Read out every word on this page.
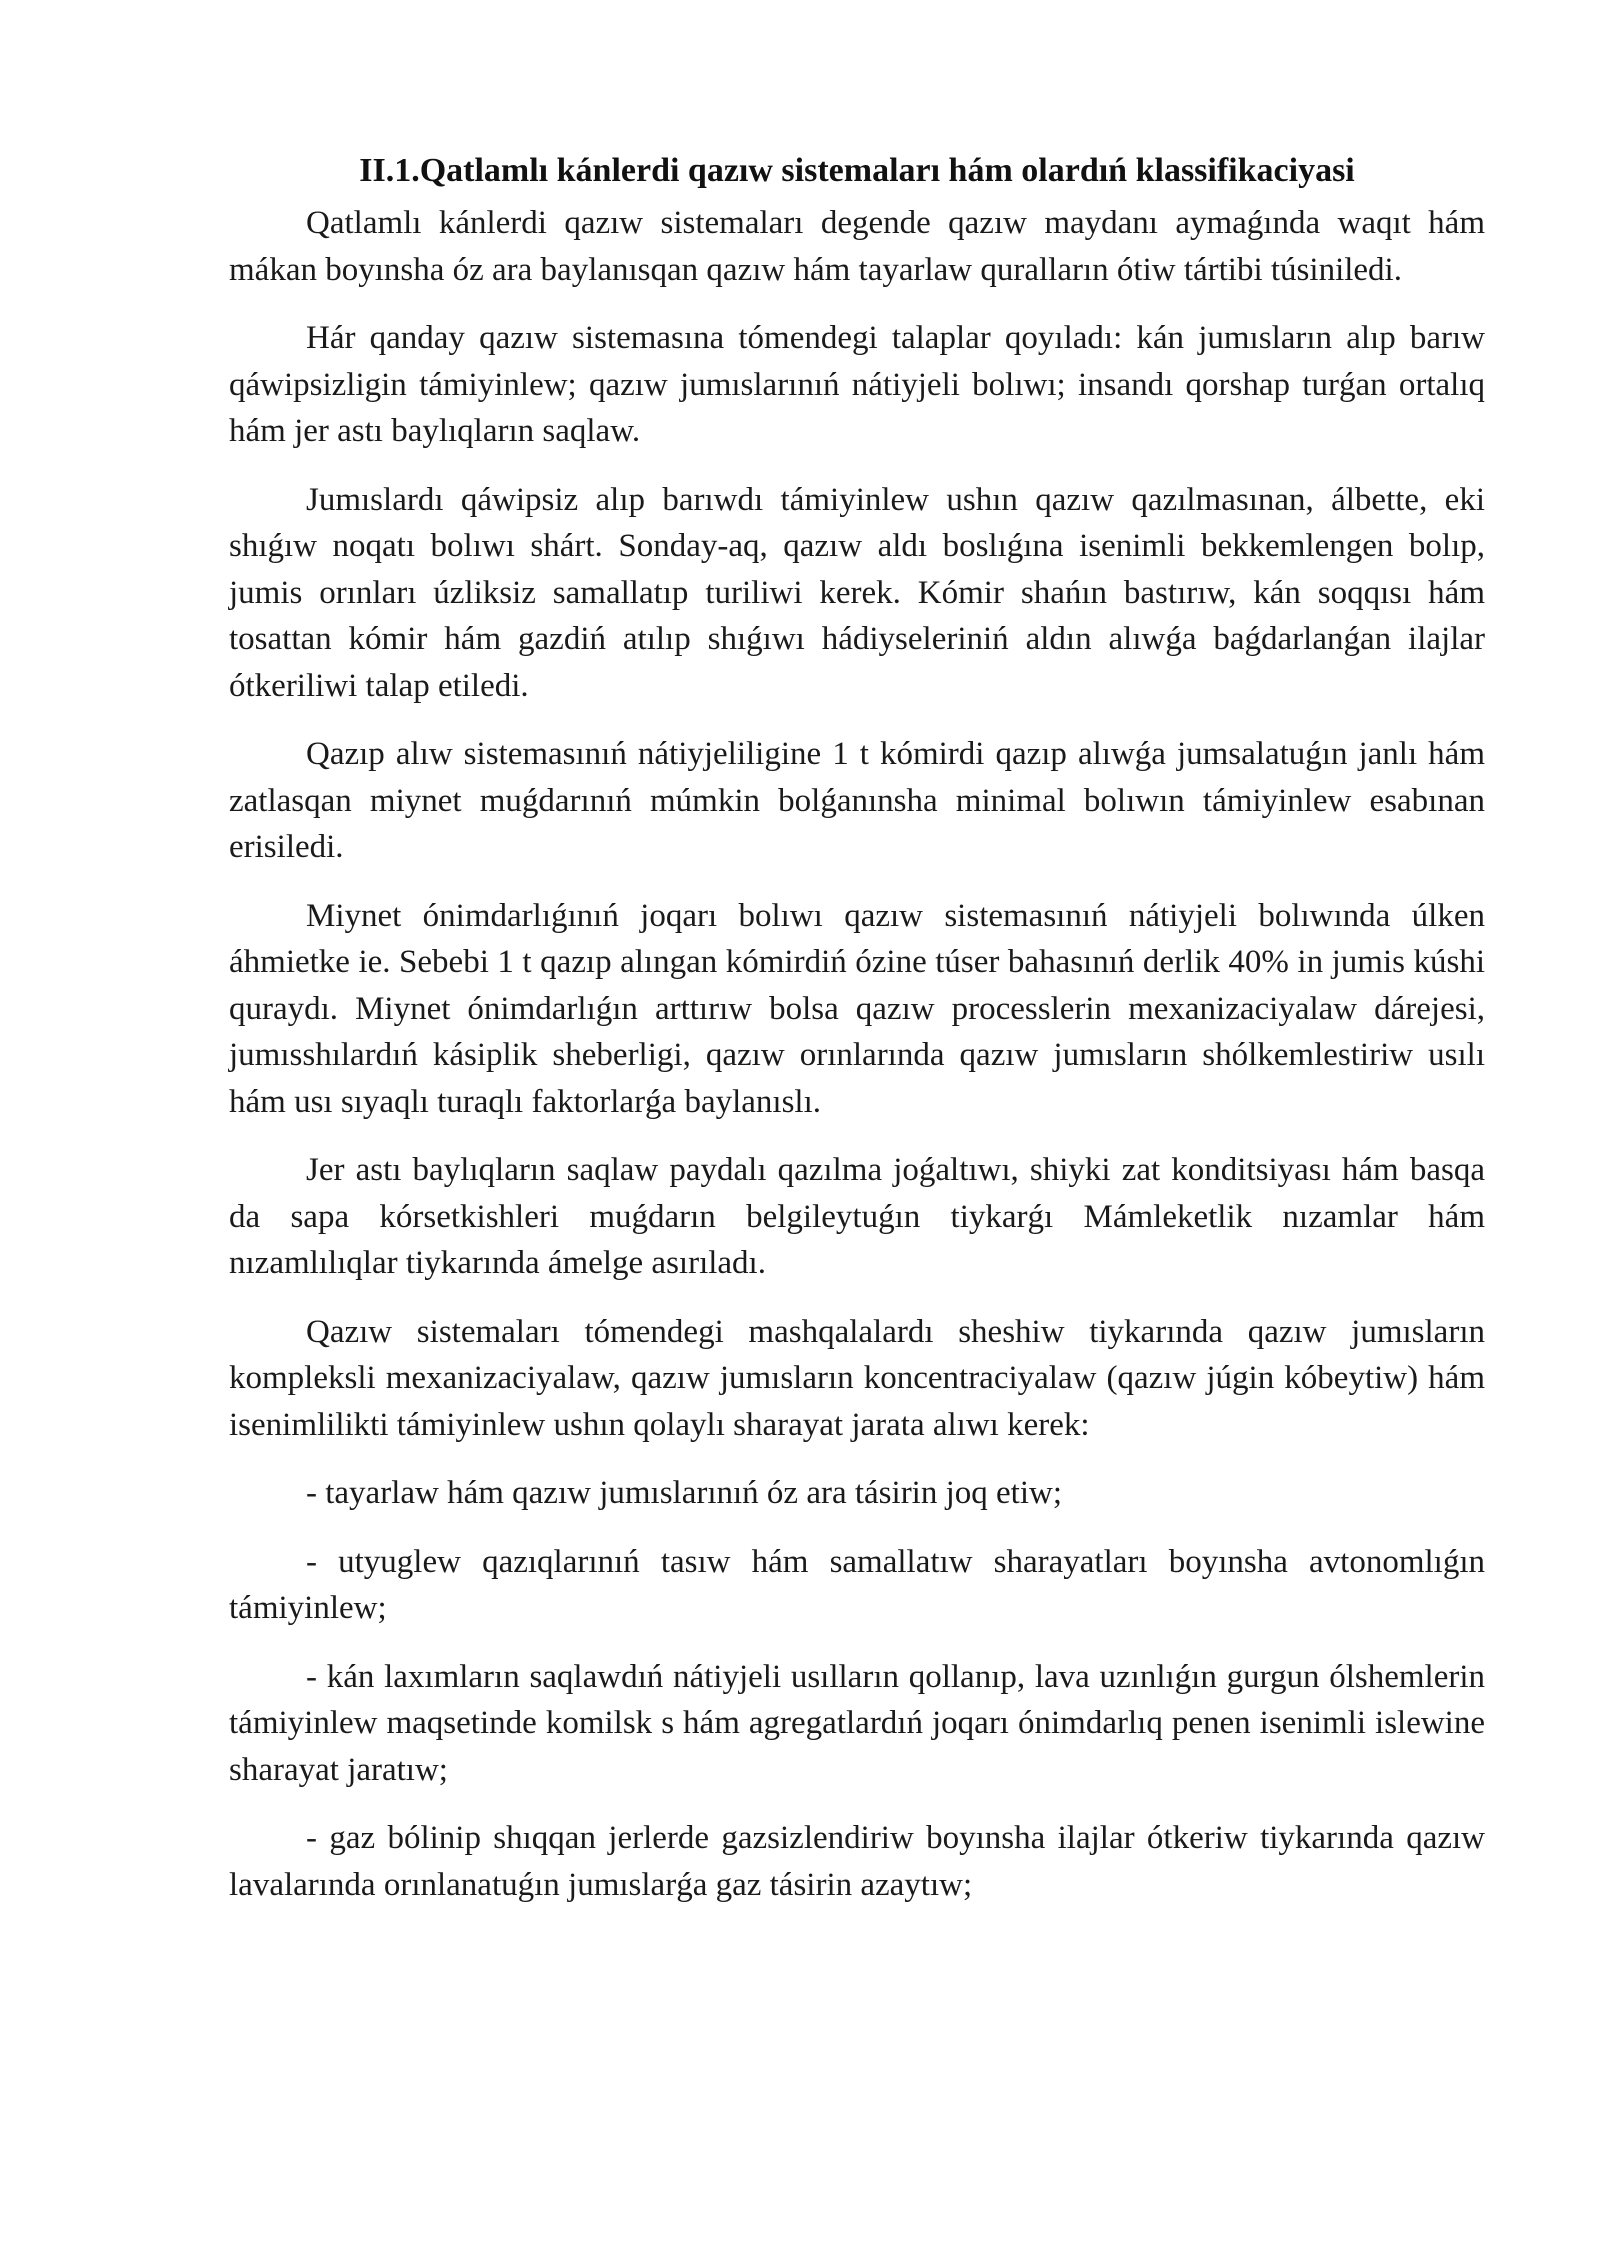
II.1.Qatlamlı kánlerdi qazıw sistemaları hám olardıń klassifikaciyasi

Qatlamlı kánlerdi qazıw sistemaları degende qazıw maydanı aymaǵında waqıt hám mákan boyınsha óz ara baylanısqan qazıw hám tayarlaw quralların ótiw tártibi túsiniledi.

Hár qanday qazıw sistemasına tómendegi talaplar qoyıladı: kán jumısların alıp barıw qáwipsizligin támiyinlew; qazıw jumıslarınıń nátiyjeli bolıwı; insandı qorshap turǵan ortalıq hám jer astı baylıqların saqlaw.

Jumıslardı qáwipsiz alıp barıwdı támiyinlew ushın qazıw qazılmasınan, álbette, eki shıǵıw noqatı bolıwı shárt. Sonday-aq, qazıw aldı boslıǵına isenimli bekkemlengen bolıp, jumis orınları úzliksiz samallatıp turiliwi kerek. Kómir shańın bastırıw, kán soqqısı hám tosattan kómir hám gazdiń atılıp shıǵıwı hádiyseleriniń aldın alıwǵa baǵdarlanǵan ilajlar ótkeriliwi talap etiledi.

Qazıp alıw sistemasınıń nátiyjeliligine 1 t kómirdi qazıp alıwǵa jumsalatuǵın janlı hám zatlasqan miynet muǵdarınıń múmkin bolǵanınsha minimal bolıwın támiyinlew esabınan erisiledi.

Miynet ónimdarlıǵınıń joqarı bolıwı qazıw sistemasınıń nátiyjeli bolıwında úlken áhmietke ie. Sebebi 1 t qazıp alıngan kómirdiń ózine túser bahasınıń derlik 40% in jumis kúshi quraydı. Miynet ónimdarlıǵın arttırıw bolsa qazıw processlerin mexanizaciyalaw dárejesi, jumısshılardıń kásiplik sheberligi, qazıw orınlarında qazıw jumısların shólkemlestiriw usılı hám usı sıyaqlı turaqlı faktorlarǵa baylanıslı.

Jer astı baylıqların saqlaw paydalı qazılma joǵaltıwı, shiyki zat konditsiyası hám basqa da sapa kórsetkishleri muǵdarın belgileytuǵın tiykarǵı Mámleketlik nızamlar hám nızamlılıqlar tiykarında ámelge asırıladı.

Qazıw sistemaları tómendegi mashqalalardı sheshiw tiykarında qazıw jumısların kompleksli mexanizaciyalaw, qazıw jumısların koncentraciyalaw (qazıw júgin kóbeytiw) hám isenimlilikti támiyinlew ushın qolaylı sharayat jarata alıwı kerek:

- tayarlaw hám qazıw jumıslarınıń óz ara tásirin joq etiw;

- utyuglew qazıqlarınıń tasıw hám samallatıw sharayatları boyınsha avtonomlıǵın támiyinlew;

- kán laxımların saqlawdıń nátiyjeli usılların qollanıp, lava uzınlıǵın gurgun ólshemlerin támiyinlew maqsetinde komilsk s hám agregatlardıń joqarı ónimdarlıq penen isenimli islewine sharayat jaratıw;

- gaz bólinip shıqqan jerlerde gazsizlendiriw boyınsha ilajlar ótkeriw tiykarında qazıw lavalarında orınlanatuǵın jumıslarǵa gaz tásirin azaytıw;
